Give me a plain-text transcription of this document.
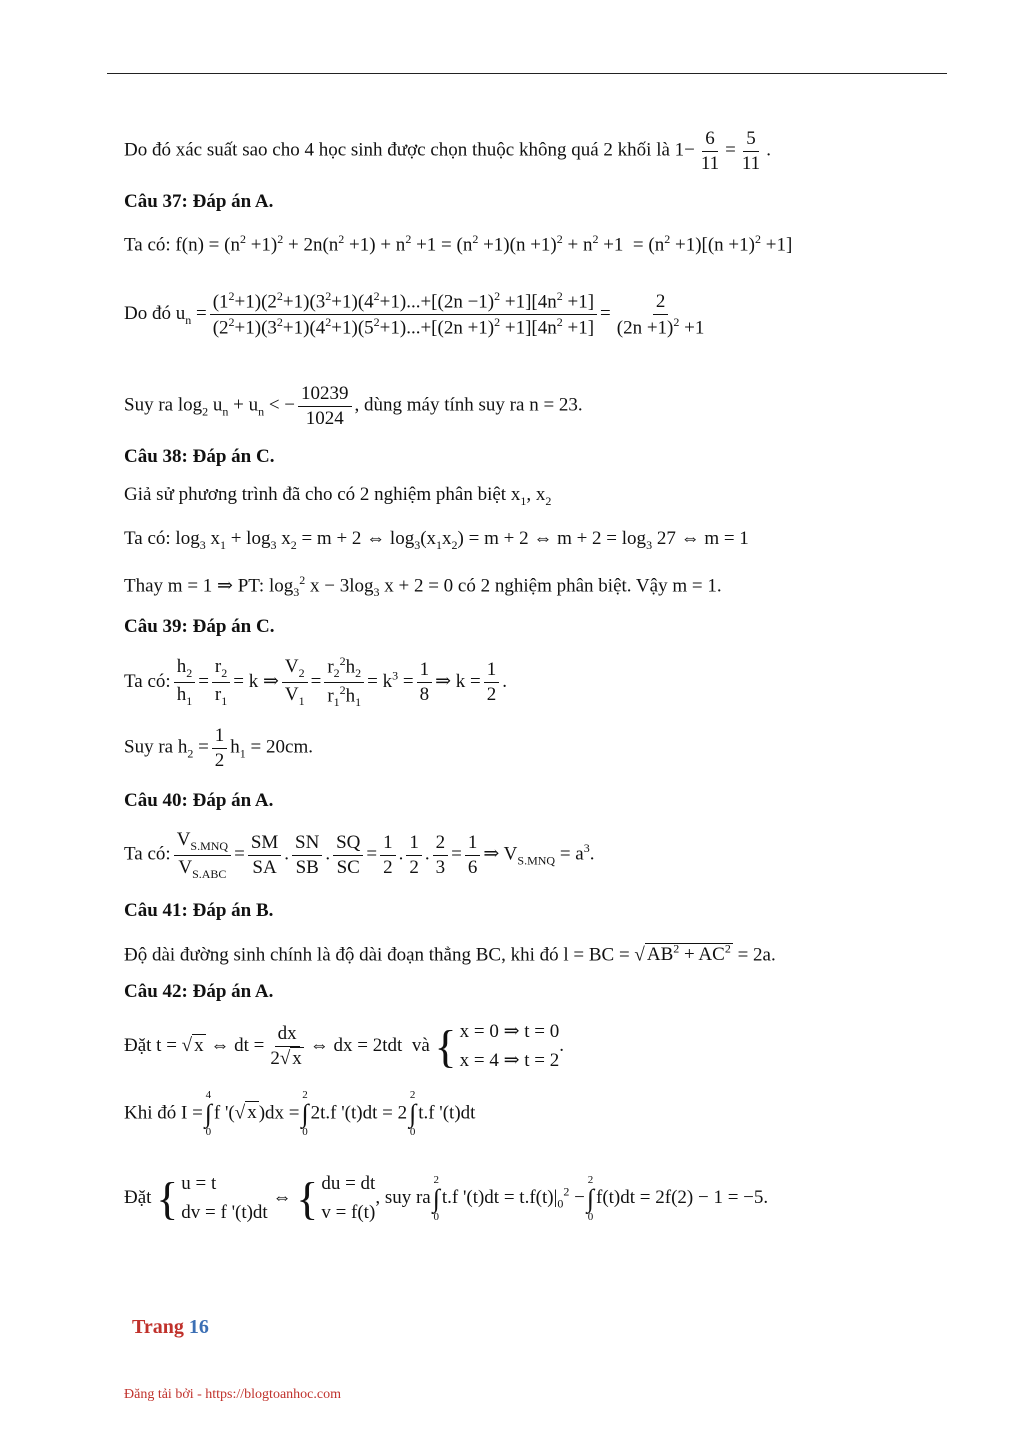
Do đó xác suất sao cho 4 học sinh được chọn thuộc không quá 2 khối là $1- \frac{6}{11} = \frac{5}{11}$ .
Câu 37: Đáp án A.
Ta có: $f(n) = (n^2 +1)^2 + 2n(n^2 +1) + n^2 +1 = (n^2 +1)(n +1)^2 + n^2 +1 = (n^2 +1)[(n +1)^2 +1]$
Do đó $u_n = \frac{(1^2+1)(2^2+1)(3^2+1)(4^2+1)...+[(2n -1)^2 +1][4n^2 +1]}{(2^2+1)(3^2+1)(4^2+1)(5^2+1)...+[(2n +1)^2 +1][4n^2 +1]} = \frac{2}{(2n +1)^2 +1}$
Suy ra $\log_2 u_n + u_n$ < − $\frac{10239}{1024}$ , dùng máy tính suy ra n = 23.
Câu 38: Đáp án C.
Giả sử phương trình đã cho có 2 nghiệm phân biệt $x_1$, $x_2$
Ta có: $\log_3 x_1 + \log_3 x_2 = m + 2$ ⇔ $\log_3(x_1x_2) = m + 2$ ⇔ $m + 2 = \log_3 27$ ⇔ m = 1
Thay m = 1 ⇒ PT: $\log_3^2 x - 3\log_3$ x + 2 = 0 có 2 nghiệm phân biệt. Vậy m = 1.
Câu 39: Đáp án C.
Ta có: $\frac{h_2}{h_1} = \frac{r_2}{r_1} = k$ ⇒ $\frac{V_2}{V_1} = \frac{r_2^2h_2}{r_1^2h_1} = k^3 = \frac{1}{8}$ ⇒ $k = \frac{1}{2}$ .
Suy ra $h_2 = \frac{1}{2} h_1 = 20cm$.
Câu 40: Đáp án A.
Ta có: $\frac{V_{S.MNQ}}{V_{S.ABC}} = \frac{SM}{SA}$ . $\frac{SN}{SB}$ . $\frac{SQ}{SC} = \frac{1}{2}$ . $\frac{1}{2}$ . $\frac{2}{3} = \frac{1}{6}$ ⇒ $V_{S.MNQ} = a^3$.
Câu 41: Đáp án B.
Độ dài đường sinh chính là độ dài đoạn thẳng BC, khi đó l = BC = √ $AB^2 + AC^2 = 2a$.
Câu 42: Đáp án A.
Đặt t = √ x ⇔ dt = $\frac{dx}{2√ x}$ ⇔ dx = 2tdt  và { x = 0 ⇒ t = 0
x = 4 ⇒ t = 2
.
Khi đó I =
4
∫
0
f '(√ x )dx =
2
∫
0
2t.f '(t)dt = 2
2
∫
0
t.f '(t)dt
Đặt { u = t
dv = f '(t)dt
⇔ { du = dt
v = f(t)
, suy ra
2
∫
0
t.f '$(t)dt = t.f(t)|_0^2$ −
2
∫
0
f(t)dt = 2f(2) − 1 = −5.
Trang 16
Đăng tải bởi - https://blogtoanhoc.com
